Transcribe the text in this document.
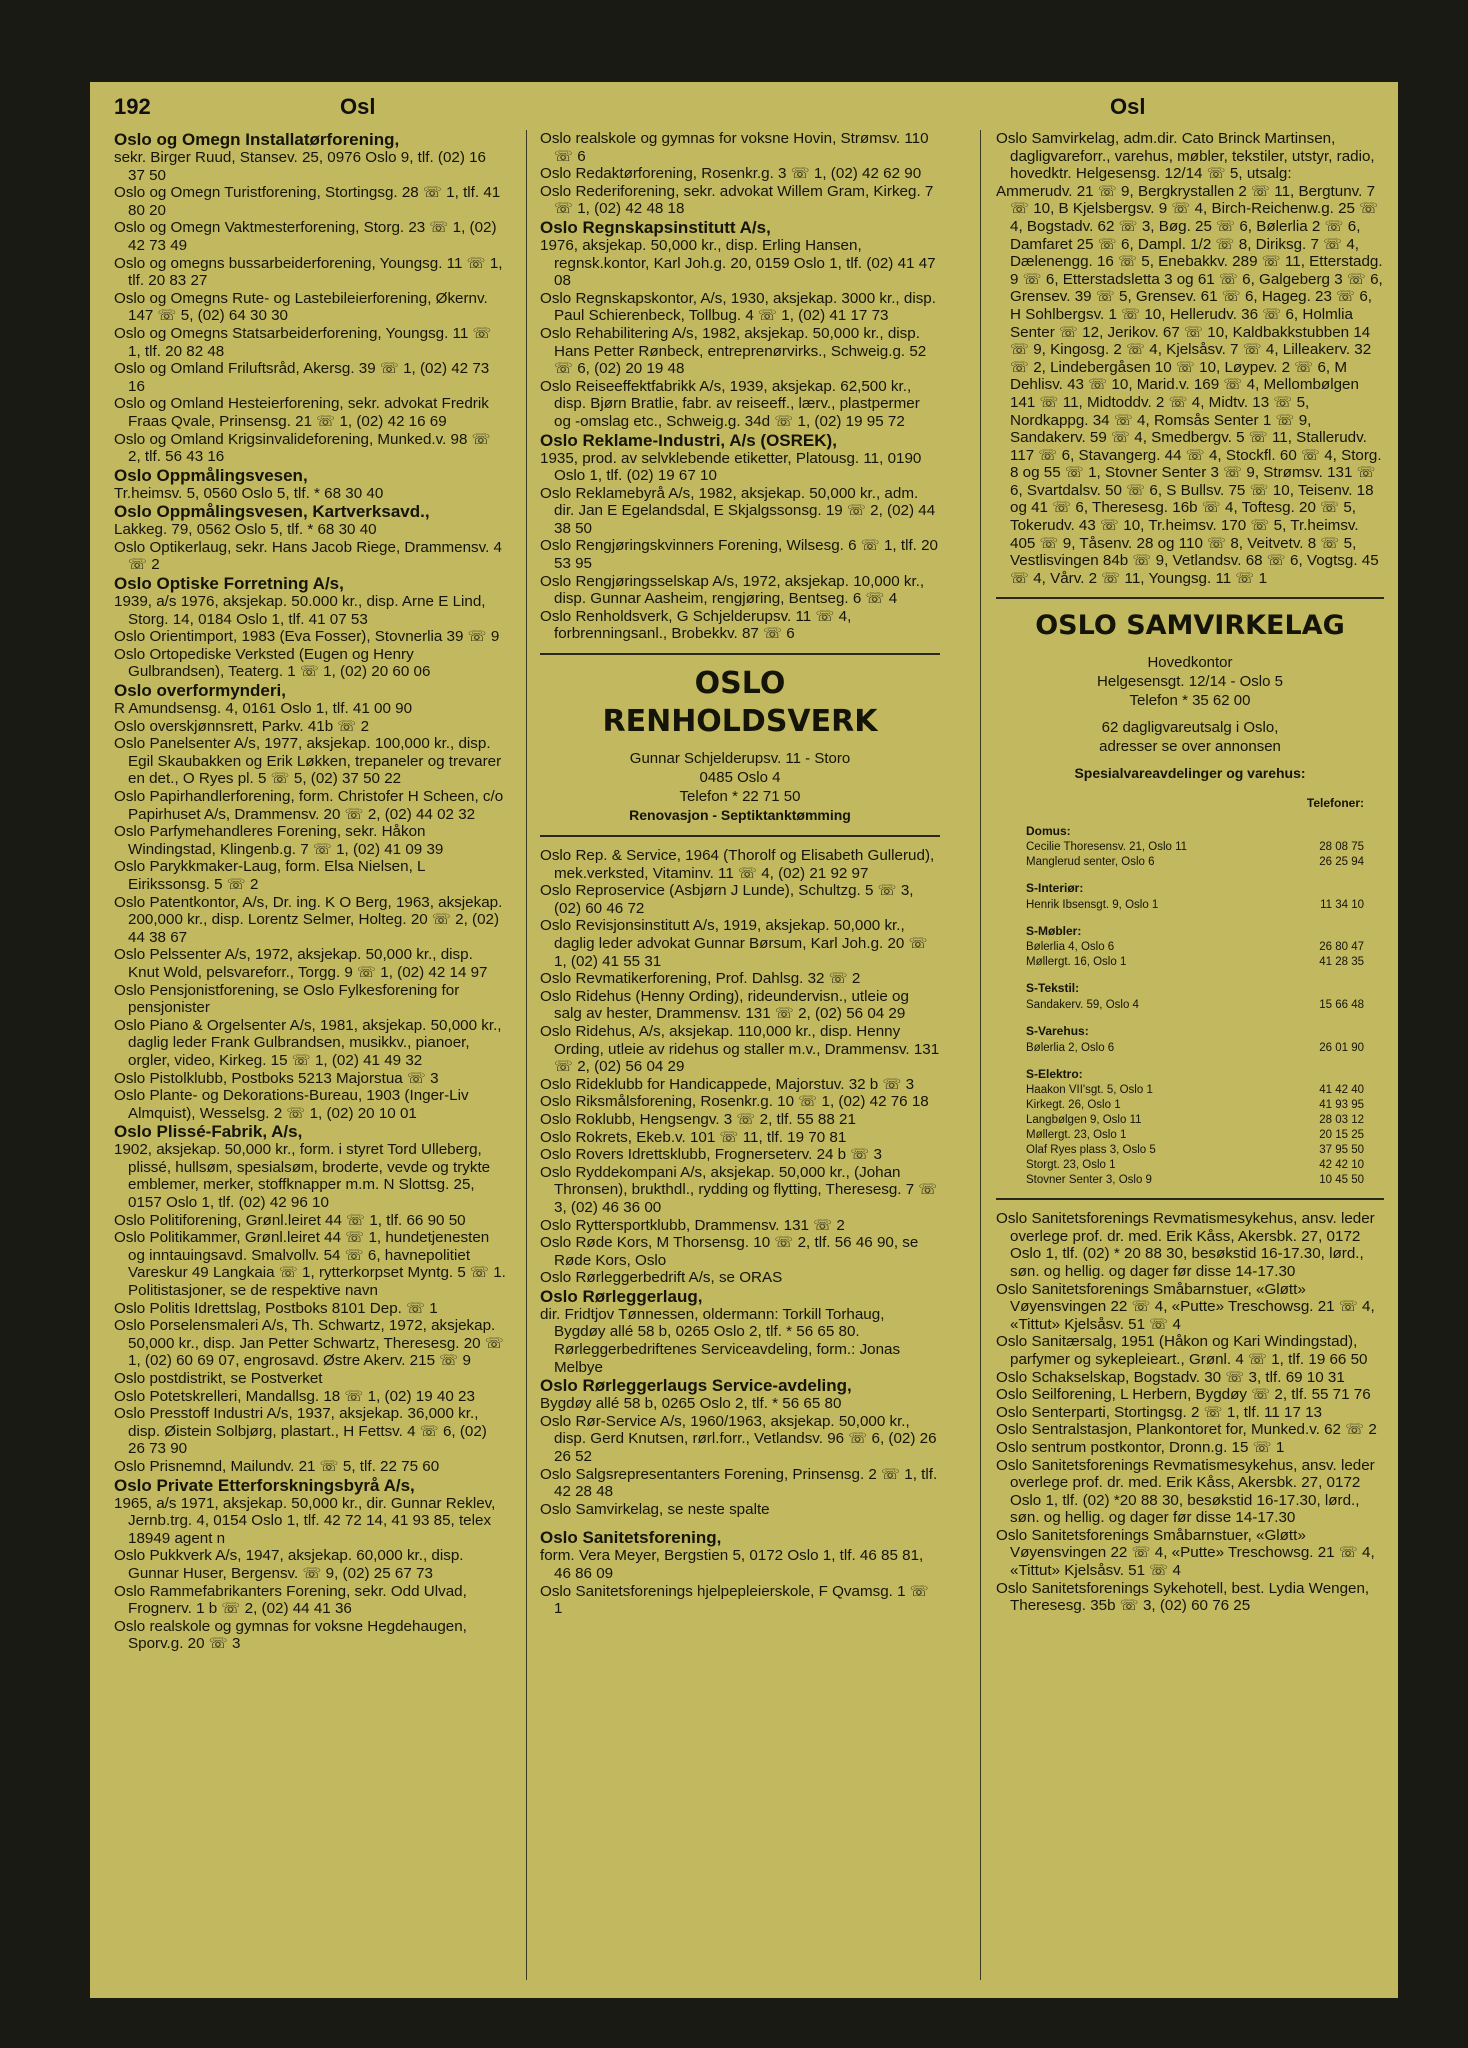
192	Osl	Osl

Oslo og Omegn Installatørforening,

sekr. Birger Ruud, Stansev. 25, 0976 Oslo 9, tlf. (02) 16 37 50

Oslo og Omegn Turistforening, Stortingsg. 28 ☏ 1, tlf. 41 80 20

Oslo og Omegn Vaktmesterforening, Storg. 23 ☏ 1, (02) 42 73 49

Oslo og omegns bussarbeiderforening, Youngsg. 11 ☏ 1, tlf. 20 83 27

Oslo og Omegns Rute- og Lastebileierforening, Økernv. 147 ☏ 5, (02) 64 30 30

Oslo og Omegns Statsarbeiderforening, Youngsg. 11 ☏ 1, tlf. 20 82 48

Oslo og Omland Friluftsråd, Akersg. 39 ☏ 1, (02) 42 73 16

Oslo og Omland Hesteierforening, sekr. advokat Fredrik Fraas Qvale, Prinsensg. 21 ☏ 1, (02) 42 16 69

Oslo og Omland Krigsinvalideforening, Munked.v. 98 ☏ 2, tlf. 56 43 16

Oslo Oppmålingsvesen,

Tr.heimsv. 5, 0560 Oslo 5, tlf. * 68 30 40

Oslo Oppmålingsvesen, Kartverksavd.,

Lakkeg. 79, 0562 Oslo 5, tlf. * 68 30 40

Oslo Optikerlaug, sekr. Hans Jacob Riege, Drammensv. 4 ☏ 2

Oslo Optiske Forretning A/s,

1939, a/s 1976, aksjekap. 50.000 kr., disp. Arne E Lind, Storg. 14, 0184 Oslo 1, tlf. 41 07 53

Oslo Orientimport, 1983 (Eva Fosser), Stovnerlia 39 ☏ 9

Oslo Ortopediske Verksted (Eugen og Henry Gulbrandsen), Teaterg. 1 ☏ 1, (02) 20 60 06

Oslo overformynderi,

R Amundsensg. 4, 0161 Oslo 1, tlf. 41 00 90

Oslo overskjønnsrett, Parkv. 41b ☏ 2

Oslo Panelsenter A/s, 1977, aksjekap. 100,000 kr., disp. Egil Skaubakken og Erik Løkken, trepaneler og trevarer en det., O Ryes pl. 5 ☏ 5, (02) 37 50 22

Oslo Papirhandlerforening, form. Christofer H Scheen, c/o Papirhuset A/s, Drammensv. 20 ☏ 2, (02) 44 02 32

Oslo Parfymehandleres Forening, sekr. Håkon Windingstad, Klingenb.g. 7 ☏ 1, (02) 41 09 39

Oslo Parykkmaker-Laug, form. Elsa Nielsen, L Eirikssonsg. 5 ☏ 2

Oslo Patentkontor, A/s, Dr. ing. K O Berg, 1963, aksjekap. 200,000 kr., disp. Lorentz Selmer, Holteg. 20 ☏ 2, (02) 44 38 67

Oslo Pelssenter A/s, 1972, aksjekap. 50,000 kr., disp. Knut Wold, pelsvareforr., Torgg. 9 ☏ 1, (02) 42 14 97

Oslo Pensjonistforening, se Oslo Fylkesforening for pensjonister

Oslo Piano & Orgelsenter A/s, 1981, aksjekap. 50,000 kr., daglig leder Frank Gulbrandsen, musikkv., pianoer, orgler, video, Kirkeg. 15 ☏ 1, (02) 41 49 32

Oslo Pistolklubb, Postboks 5213 Majorstua ☏ 3

Oslo Plante- og Dekorations-Bureau, 1903 (Inger-Liv Almquist), Wesselsg. 2 ☏ 1, (02) 20 10 01

Oslo Plissé-Fabrik, A/s,

1902, aksjekap. 50,000 kr., form. i styret Tord Ulleberg, plissé, hullsøm, spesialsøm, broderte, vevde og trykte emblemer, merker, stoffknapper m.m. N Slottsg. 25, 0157 Oslo 1, tlf. (02) 42 96 10

Oslo Politiforening, Grønl.leiret 44 ☏ 1, tlf. 66 90 50

Oslo Politikammer, Grønl.leiret 44 ☏ 1, hundetjenesten og inntauingsavd. Smalvollv. 54 ☏ 6, havnepolitiet Vareskur 49 Langkaia ☏ 1, rytterkorpset Myntg. 5 ☏ 1. Politistasjoner, se de respektive navn

Oslo Politis Idrettslag, Postboks 8101 Dep. ☏ 1

Oslo Porselensmaleri A/s, Th. Schwartz, 1972, aksjekap. 50,000 kr., disp. Jan Petter Schwartz, Theresesg. 20 ☏ 1, (02) 60 69 07, engrosavd. Østre Akerv. 215 ☏ 9

Oslo postdistrikt, se Postverket

Oslo Potetskrelleri, Mandallsg. 18 ☏ 1, (02) 19 40 23

Oslo Presstoff Industri A/s, 1937, aksjekap. 36,000 kr., disp. Øistein Solbjørg, plastart., H Fettsv. 4 ☏ 6, (02) 26 73 90

Oslo Prisnemnd, Mailundv. 21 ☏ 5, tlf. 22 75 60

Oslo Private Etterforskningsbyrå A/s,

1965, a/s 1971, aksjekap. 50,000 kr., dir. Gunnar Reklev, Jernb.trg. 4, 0154 Oslo 1, tlf. 42 72 14, 41 93 85, telex 18949 agent n

Oslo Pukkverk A/s, 1947, aksjekap. 60,000 kr., disp. Gunnar Huser, Bergensv. ☏ 9, (02) 25 67 73

Oslo Rammefabrikanters Forening, sekr. Odd Ulvad, Frognerv. 1 b ☏ 2, (02) 44 41 36

Oslo realskole og gymnas for voksne Hegdehaugen, Sporv.g. 20 ☏ 3

Oslo realskole og gymnas for voksne Hovin, Strømsv. 110 ☏ 6

Oslo Redaktørforening, Rosenkr.g. 3 ☏ 1, (02) 42 62 90

Oslo Rederiforening, sekr. advokat Willem Gram, Kirkeg. 7 ☏ 1, (02) 42 48 18

Oslo Regnskapsinstitutt A/s,

1976, aksjekap. 50,000 kr., disp. Erling Hansen, regnsk.kontor, Karl Joh.g. 20, 0159 Oslo 1, tlf. (02) 41 47 08

Oslo Regnskapskontor, A/s, 1930, aksjekap. 3000 kr., disp. Paul Schierenbeck, Tollbug. 4 ☏ 1, (02) 41 17 73

Oslo Rehabilitering A/s, 1982, aksjekap. 50,000 kr., disp. Hans Petter Rønbeck, entreprenørvirks., Schweig.g. 52 ☏ 6, (02) 20 19 48

Oslo Reiseeffektfabrikk A/s, 1939, aksjekap. 62,500 kr., disp. Bjørn Bratlie, fabr. av reiseeff., lærv., plastpermer og -omslag etc., Schweig.g. 34d ☏ 1, (02) 19 95 72

Oslo Reklame-Industri, A/s (OSREK),

1935, prod. av selvklebende etiketter, Platousg. 11, 0190 Oslo 1, tlf. (02) 19 67 10

Oslo Reklamebyrå A/s, 1982, aksjekap. 50,000 kr., adm. dir. Jan E Egelandsdal, E Skjalgssonsg. 19 ☏ 2, (02) 44 38 50

Oslo Rengjøringskvinners Forening, Wilsesg. 6 ☏ 1, tlf. 20 53 95

Oslo Rengjøringsselskap A/s, 1972, aksjekap. 10,000 kr., disp. Gunnar Aasheim, rengjøring, Bentseg. 6 ☏ 4

Oslo Renholdsverk, G Schjelderupsv. 11 ☏ 4, forbrenningsanl., Brobekkv. 87 ☏ 6

OSLO
RENHOLDSVERK
Gunnar Schjelderupsv. 11 - Storo
0485 Oslo 4
Telefon * 22 71 50
Renovasjon - Septiktanktømming

Oslo Rep. & Service, 1964 (Thorolf og Elisabeth Gullerud), mek.verksted, Vitaminv. 11 ☏ 4, (02) 21 92 97

Oslo Reproservice (Asbjørn J Lunde), Schultzg. 5 ☏ 3, (02) 60 46 72

Oslo Revisjonsinstitutt A/s, 1919, aksjekap. 50,000 kr., daglig leder advokat Gunnar Børsum, Karl Joh.g. 20 ☏ 1, (02) 41 55 31

Oslo Revmatikerforening, Prof. Dahlsg. 32 ☏ 2

Oslo Ridehus (Henny Ording), rideundervisn., utleie og salg av hester, Drammensv. 131 ☏ 2, (02) 56 04 29

Oslo Ridehus, A/s, aksjekap. 110,000 kr., disp. Henny Ording, utleie av ridehus og staller m.v., Drammensv. 131 ☏ 2, (02) 56 04 29

Oslo Rideklubb for Handicappede, Majorstuv. 32 b ☏ 3

Oslo Riksmålsforening, Rosenkr.g. 10 ☏ 1, (02) 42 76 18

Oslo Roklubb, Hengsengv. 3 ☏ 2, tlf. 55 88 21

Oslo Rokrets, Ekeb.v. 101 ☏ 11, tlf. 19 70 81

Oslo Rovers Idrettsklubb, Frognerseterv. 24 b ☏ 3

Oslo Ryddekompani A/s, aksjekap. 50,000 kr., (Johan Thronsen), brukthdl., rydding og flytting, Theresesg. 7 ☏ 3, (02) 46 36 00

Oslo Ryttersportklubb, Drammensv. 131 ☏ 2

Oslo Røde Kors, M Thorsensg. 10 ☏ 2, tlf. 56 46 90, se Røde Kors, Oslo

Oslo Rørleggerbedrift A/s, se ORAS

Oslo Rørleggerlaug,

dir. Fridtjov Tønnessen, oldermann: Torkill Torhaug, Bygdøy allé 58 b, 0265 Oslo 2, tlf. * 56 65 80. Rørleggerbedriftenes Serviceavdeling, form.: Jonas Melbye

Oslo Rørleggerlaugs Service-avdeling,

Bygdøy allé 58 b, 0265 Oslo 2, tlf. * 56 65 80

Oslo Rør-Service A/s, 1960/1963, aksjekap. 50,000 kr., disp. Gerd Knutsen, rørl.forr., Vetlandsv. 96 ☏ 6, (02) 26 26 52

Oslo Salgsrepresentanters Forening, Prinsensg. 2 ☏ 1, tlf. 42 28 48

Oslo Samvirkelag, se neste spalte

Oslo Sanitetsforening,

form. Vera Meyer, Bergstien 5, 0172 Oslo 1, tlf. 46 85 81, 46 86 09

Oslo Sanitetsforenings hjelpepleierskole, F Qvamsg. 1 ☏ 1

Oslo Samvirkelag, adm.dir. Cato Brinck Martinsen, dagligvareforr., varehus, møbler, tekstiler, utstyr, radio, hovedktr. Helgesensg. 12/14 ☏ 5, utsalg:

Ammerudv. 21 ☏ 9, Bergkrystallen 2 ☏ 11, Bergtunv. 7 ☏ 10, B Kjelsbergsv. 9 ☏ 4, Birch-Reichenw.g. 25 ☏ 4, Bogstadv. 62 ☏ 3, Bøg. 25 ☏ 6, Bølerlia 2 ☏ 6, Damfaret 25 ☏ 6, Dampl. 1/2 ☏ 8, Diriksg. 7 ☏ 4, Dælenengg. 16 ☏ 5, Enebakkv. 289 ☏ 11, Etterstadg. 9 ☏ 6, Etterstadsletta 3 og 61 ☏ 6, Galgeberg 3 ☏ 6, Grensev. 39 ☏ 5, Grensev. 61 ☏ 6, Hageg. 23 ☏ 6, H Sohlbergsv. 1 ☏ 10, Hellerudv. 36 ☏ 6, Holmlia Senter ☏ 12, Jerikov. 67 ☏ 10, Kaldbakkstubben 14 ☏ 9, Kingosg. 2 ☏ 4, Kjelsåsv. 7 ☏ 4, Lilleakerv. 32 ☏ 2, Lindebergåsen 10 ☏ 10, Løypev. 2 ☏ 6, M Dehlisv. 43 ☏ 10, Marid.v. 169 ☏ 4, Mellombølgen 141 ☏ 11, Midtoddv. 2 ☏ 4, Midtv. 13 ☏ 5, Nordkappg. 34 ☏ 4, Romsås Senter 1 ☏ 9, Sandakerv. 59 ☏ 4, Smedbergv. 5 ☏ 11, Stallerudv. 117 ☏ 6, Stavangerg. 44 ☏ 4, Stockfl. 60 ☏ 4, Storg. 8 og 55 ☏ 1, Stovner Senter 3 ☏ 9, Strømsv. 131 ☏ 6, Svartdalsv. 50 ☏ 6, S Bullsv. 75 ☏ 10, Teisenv. 18 og 41 ☏ 6, Theresesg. 16b ☏ 4, Toftesg. 20 ☏ 5, Tokerudv. 43 ☏ 10, Tr.heimsv. 170 ☏ 5, Tr.heimsv. 405 ☏ 9, Tåsenv. 28 og 110 ☏ 8, Veitvetv. 8 ☏ 5, Vestlisvingen 84b ☏ 9, Vetlandsv. 68 ☏ 6, Vogtsg. 45 ☏ 4, Vårv. 2 ☏ 11, Youngsg. 11 ☏ 1

OSLO SAMVIRKELAG
Hovedkontor
Helgesensgt. 12/14 - Oslo 5
Telefon * 35 62 00
62 dagligvareutsalg i Oslo,
adresser se over annonsen
Spesialvareavdelinger og varehus:
Telefoner:
Domus:
Cecilie Thoresensv. 21, Oslo 11	28 08 75
Manglerud senter, Oslo 6	26 25 94
S-Interiør:
Henrik Ibsensgt. 9, Oslo 1	11 34 10
S-Møbler:
Bølerlia 4, Oslo 6	26 80 47
Møllergt. 16, Oslo 1	41 28 35
S-Tekstil:
Sandakerv. 59, Oslo 4	15 66 48
S-Varehus:
Bølerlia 2, Oslo 6	26 01 90
S-Elektro:
Haakon VII'sgt. 5, Oslo 1	41 42 40
Kirkegt. 26, Oslo 1	41 93 95
Langbølgen 9, Oslo 11	28 03 12
Møllergt. 23, Oslo 1	20 15 25
Olaf Ryes plass 3, Oslo 5	37 95 50
Storgt. 23, Oslo 1	42 42 10
Stovner Senter 3, Oslo 9	10 45 50

Oslo Sanitetsforenings Revmatismesykehus, ansv. leder overlege prof. dr. med. Erik Kåss, Akersbk. 27, 0172 Oslo 1, tlf. (02) * 20 88 30, besøkstid 16-17.30, lørd., søn. og hellig. og dager før disse 14-17.30

Oslo Sanitetsforenings Småbarnstuer, «Gløtt» Vøyensvingen 22 ☏ 4, «Putte» Treschowsg. 21 ☏ 4, «Tittut» Kjelsåsv. 51 ☏ 4

Oslo Sanitærsalg, 1951 (Håkon og Kari Windingstad), parfymer og sykepleieart., Grønl. 4 ☏ 1, tlf. 19 66 50

Oslo Schakselskap, Bogstadv. 30 ☏ 3, tlf. 69 10 31

Oslo Seilforening, L Herbern, Bygdøy ☏ 2, tlf. 55 71 76

Oslo Senterparti, Stortingsg. 2 ☏ 1, tlf. 11 17 13

Oslo Sentralstasjon, Plankontoret for, Munked.v. 62 ☏ 2

Oslo sentrum postkontor, Dronn.g. 15 ☏ 1

Oslo Sanitetsforenings Revmatismesykehus, ansv. leder overlege prof. dr. med. Erik Kåss, Akersbk. 27, 0172 Oslo 1, tlf. (02) *20 88 30, besøkstid 16-17.30, lørd., søn. og hellig. og dager før disse 14-17.30

Oslo Sanitetsforenings Småbarnstuer, «Gløtt» Vøyensvingen 22 ☏ 4, «Putte» Treschowsg. 21 ☏ 4, «Tittut» Kjelsåsv. 51 ☏ 4

Oslo Sanitetsforenings Sykehotell, best. Lydia Wengen, Theresesg. 35b ☏ 3, (02) 60 76 25
